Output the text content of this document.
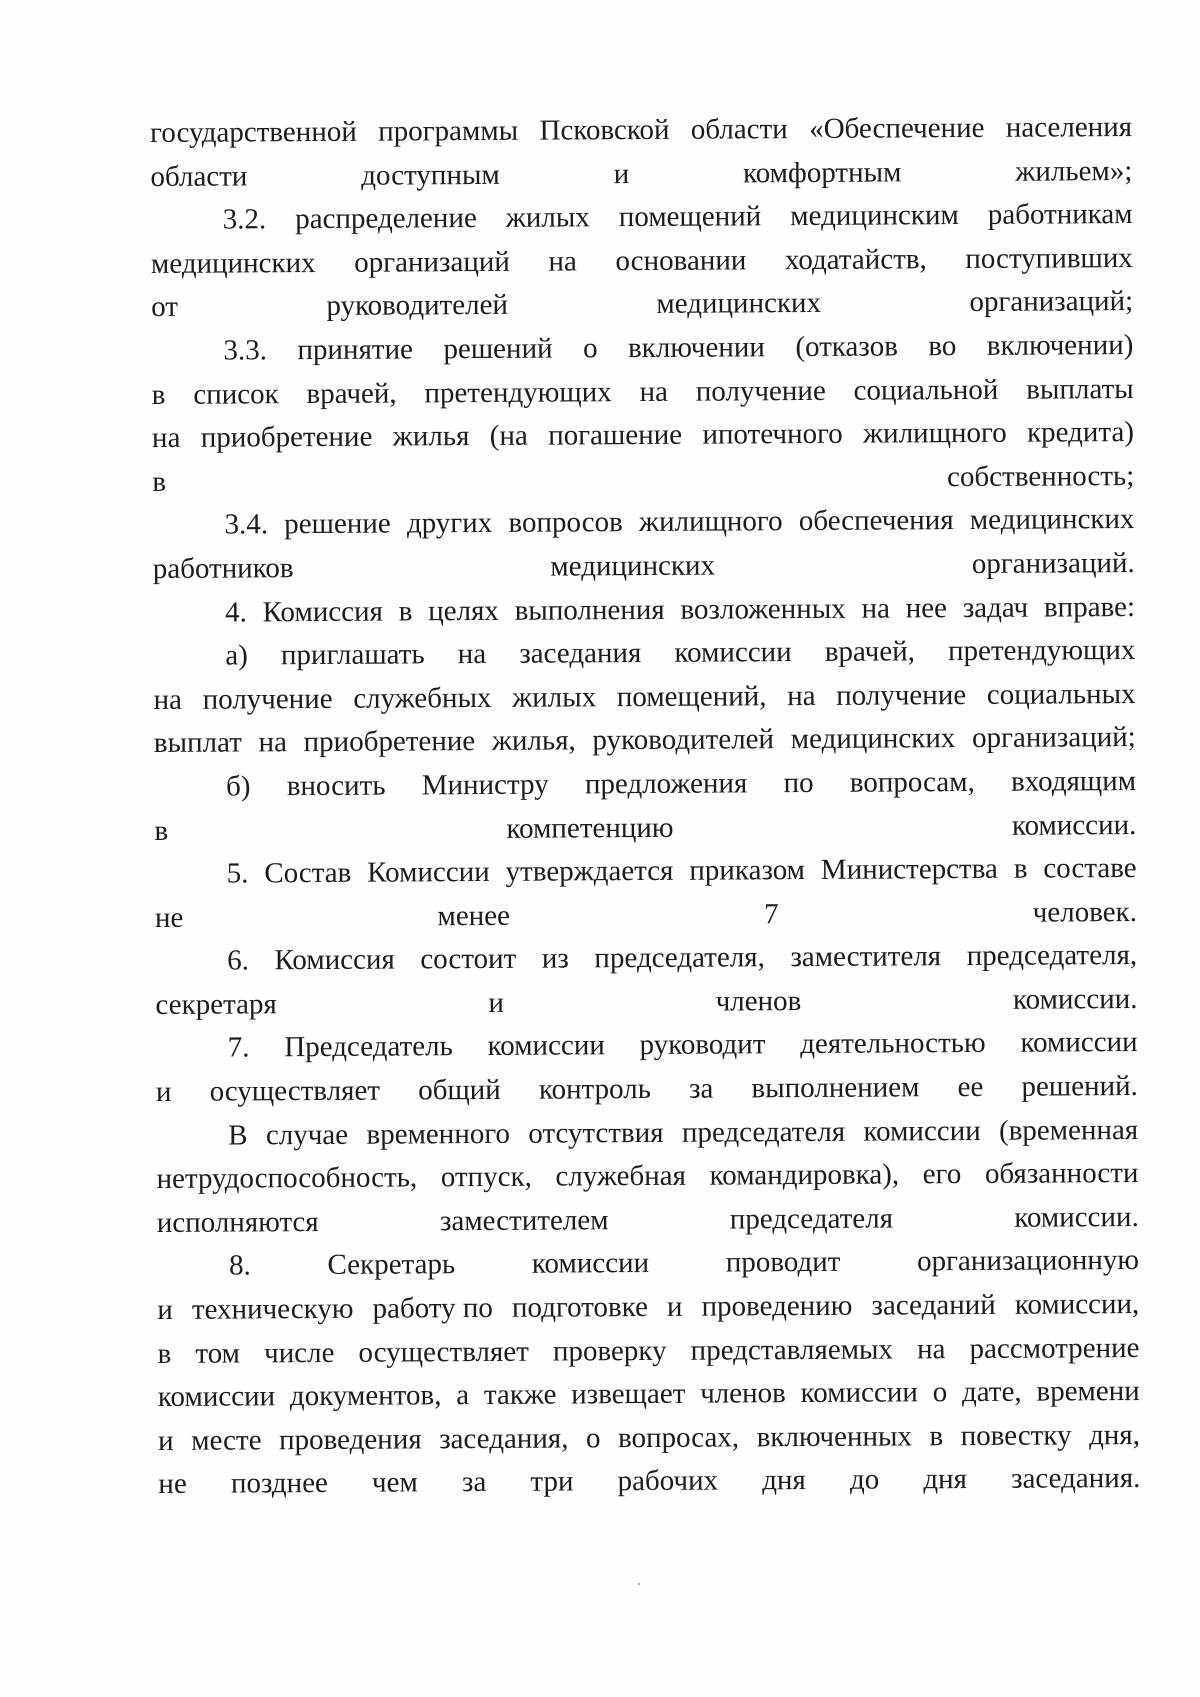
государственной программы Псковской области «Обеспечение населения
области	доступным	и	комфортным	жильем»;
3.2. распределение жилых помещений медицинским работникам
медицинских организаций на основании ходатайств, поступивших
от	руководителей	медицинских	организаций;
3.3. принятие решений о включении (отказов во включении)
в список врачей, претендующих на получение социальной выплаты
на приобретение жилья (на погашение ипотечного жилищного кредита)
в	собственность;
3.4. решение других вопросов жилищного обеспечения медицинских
работников	медицинских	организаций.
4. Комиссия в целях выполнения возложенных на нее задач вправе:
а) приглашать на заседания комиссии врачей, претендующих
на получение служебных жилых помещений, на получение социальных
выплат на приобретение жилья, руководителей медицинских организаций;
б) вносить Министру предложения по вопросам, входящим
в	компетенцию	комиссии.
5. Состав Комиссии утверждается приказом Министерства в составе
не	менее	7	человек.
6. Комиссия состоит из председателя, заместителя председателя,
секретаря	и	членов	комиссии.
7. Председатель комиссии руководит деятельностью комиссии
и осуществляет общий контроль за выполнением ее решений.
В случае временного отсутствия председателя комиссии (временная
нетрудоспособность, отпуск, служебная командировка), его обязанности
исполняются	заместителем	председателя	комиссии.
8.	Секретарь	комиссии	проводит	организационную
и техническую работу по подготовке и проведению заседаний комиссии,
в том числе осуществляет проверку представляемых на рассмотрение
комиссии документов, а также извещает членов комиссии о дате, времени
и месте проведения заседания, о вопросах, включенных в повестку дня,
не позднее чем за три рабочих дня до дня заседания.
